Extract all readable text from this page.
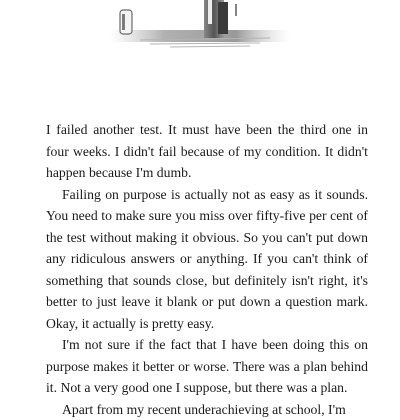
I failed another test. It must have been the third one in four weeks. I didn't fail because of my condition. It didn't happen because I'm dumb.

Failing on purpose is actually not as easy as it sounds. You need to make sure you miss over fifty-five per cent of the test without making it obvious. So you can't put down any ridiculous answers or anything. If you can't think of something that sounds close, but definitely isn't right, it's better to just leave it blank or put down a question mark. Okay, it actually is pretty easy.

I'm not sure if the fact that I have been doing this on purpose makes it better or worse. There was a plan behind it. Not a very good one I suppose, but there was a plan.

Apart from my recent underachieving at school, I'm
